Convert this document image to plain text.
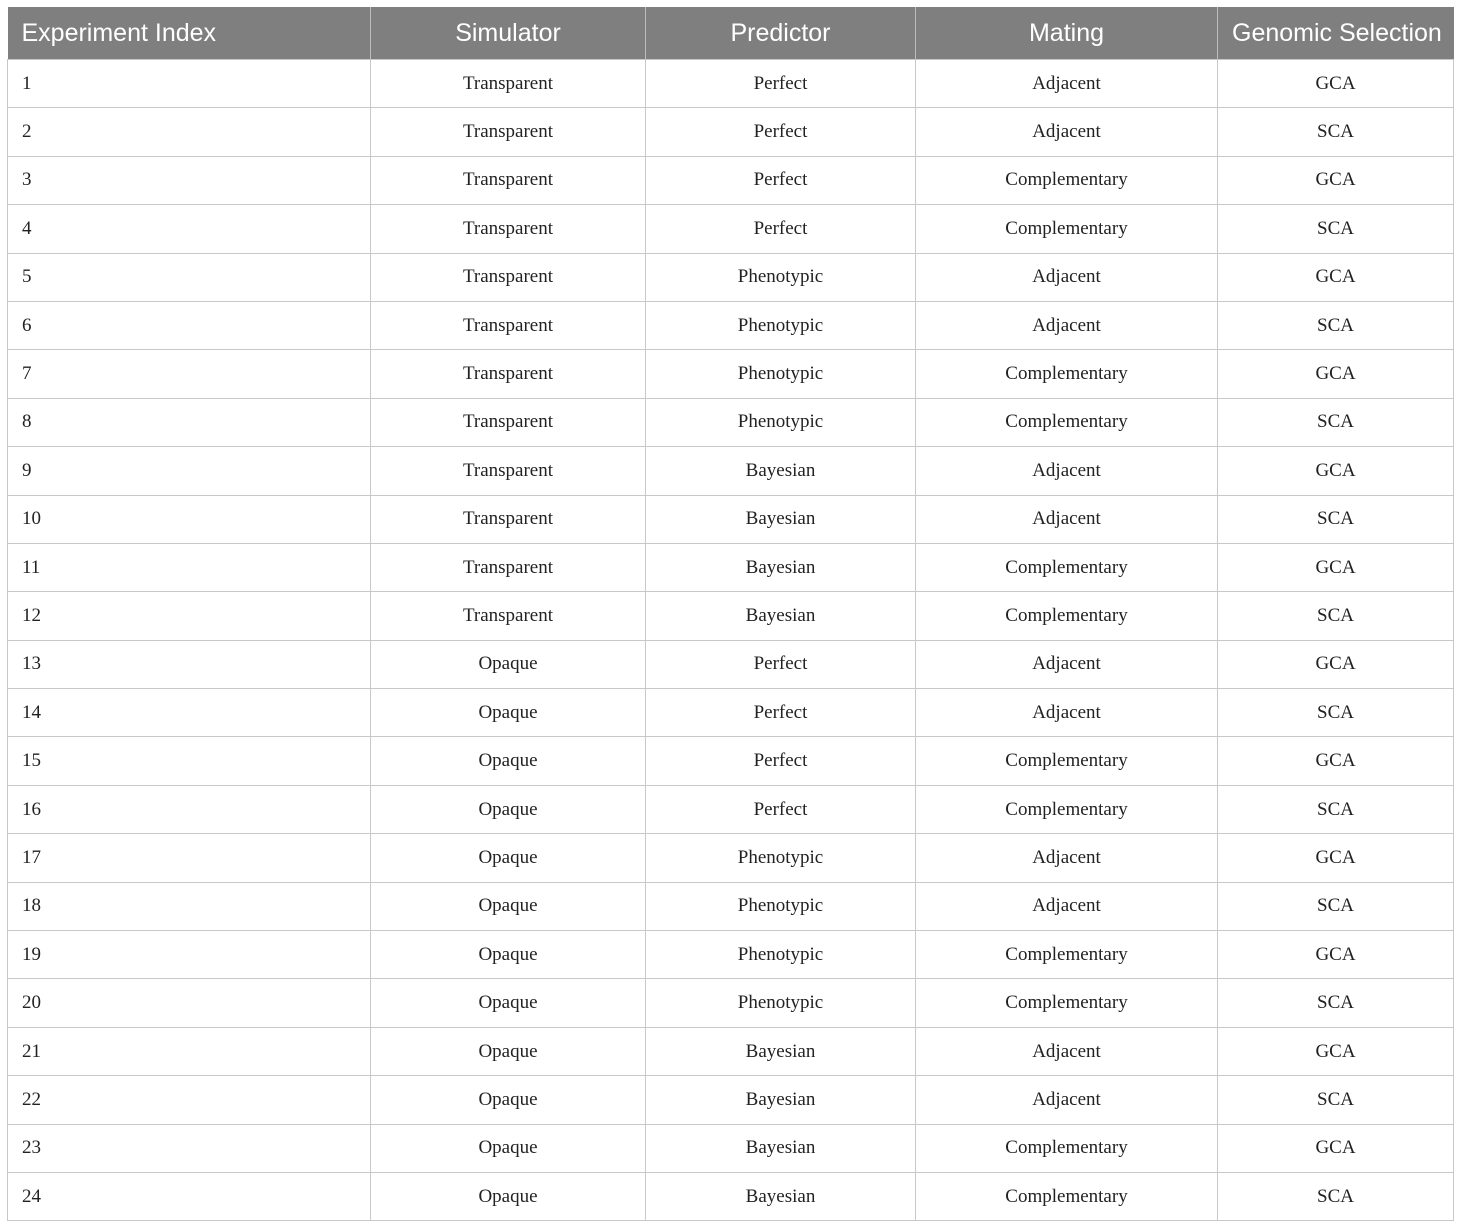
Experiment Index	Simulator	Predictor	Mating	Genomic Selection
1	Transparent	Perfect	Adjacent	GCA
2	Transparent	Perfect	Adjacent	SCA
3	Transparent	Perfect	Complementary	GCA
4	Transparent	Perfect	Complementary	SCA
5	Transparent	Phenotypic	Adjacent	GCA
6	Transparent	Phenotypic	Adjacent	SCA
7	Transparent	Phenotypic	Complementary	GCA
8	Transparent	Phenotypic	Complementary	SCA
9	Transparent	Bayesian	Adjacent	GCA
10	Transparent	Bayesian	Adjacent	SCA
11	Transparent	Bayesian	Complementary	GCA
12	Transparent	Bayesian	Complementary	SCA
13	Opaque	Perfect	Adjacent	GCA
14	Opaque	Perfect	Adjacent	SCA
15	Opaque	Perfect	Complementary	GCA
16	Opaque	Perfect	Complementary	SCA
17	Opaque	Phenotypic	Adjacent	GCA
18	Opaque	Phenotypic	Adjacent	SCA
19	Opaque	Phenotypic	Complementary	GCA
20	Opaque	Phenotypic	Complementary	SCA
21	Opaque	Bayesian	Adjacent	GCA
22	Opaque	Bayesian	Adjacent	SCA
23	Opaque	Bayesian	Complementary	GCA
24	Opaque	Bayesian	Complementary	SCA
